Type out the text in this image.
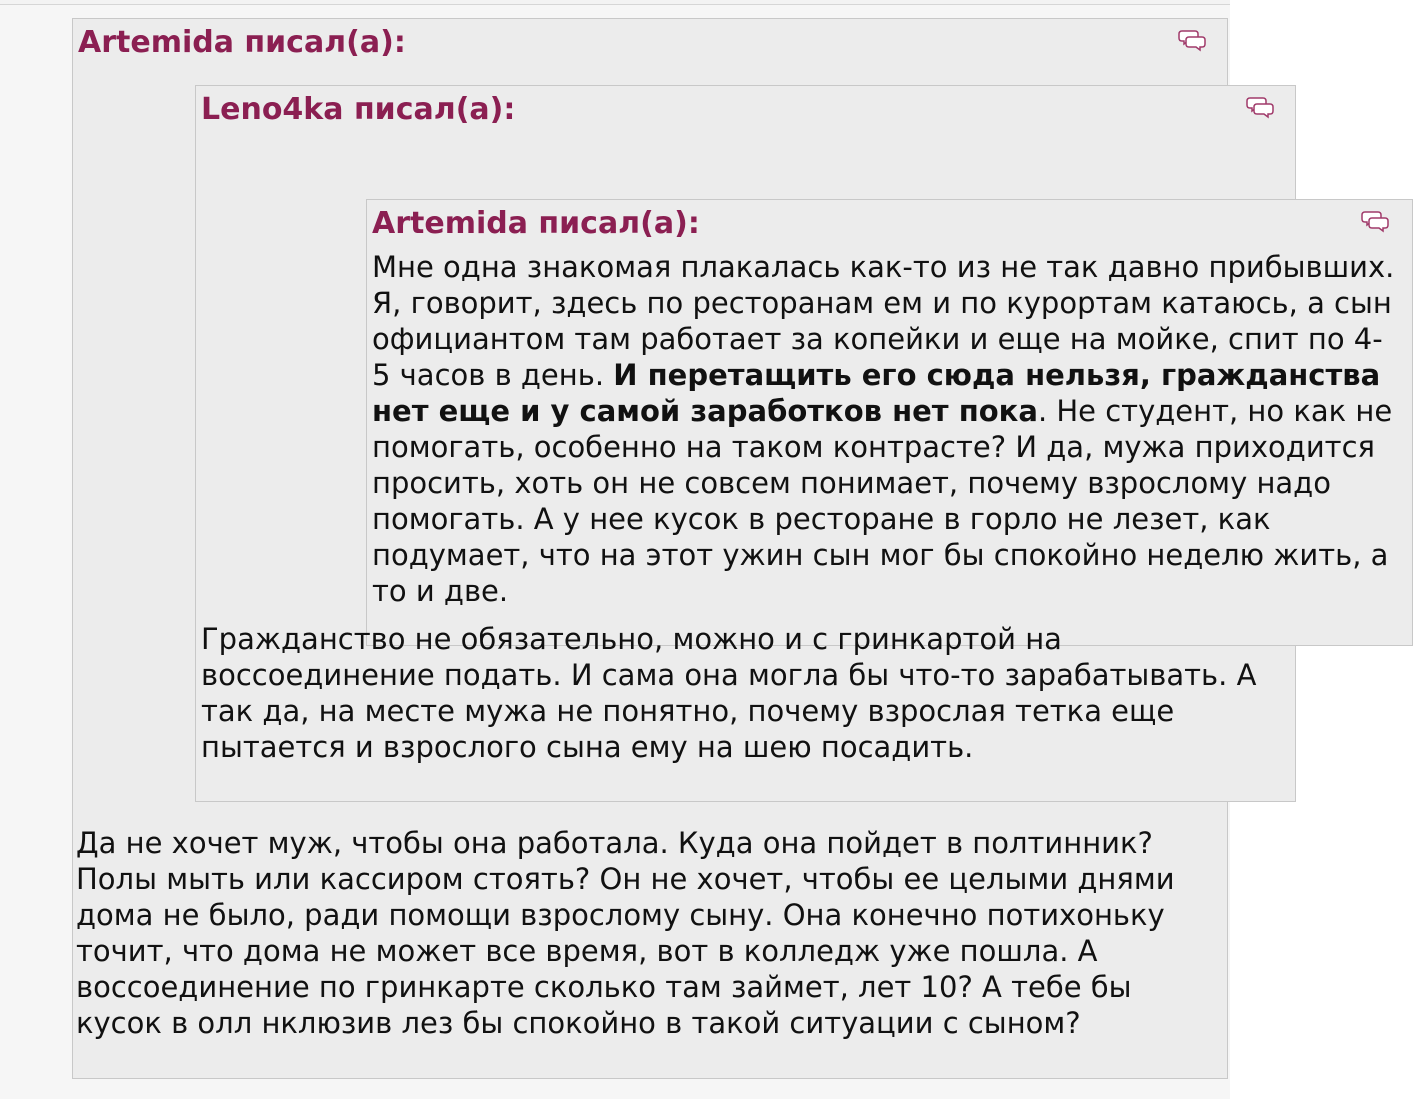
Artemida писал(а):
Leno4ka писал(а):
Artemida писал(а):

Мне одна знакомая плакалась как-то из не так давно прибывших. Я, говорит, здесь по ресторанам ем и по курортам катаюсь, а сын официантом там работает за копейки и еще на мойке, спит по 4-5 часов в день. И перетащить его сюда нельзя, гражданства нет еще и у самой заработков нет пока. Не студент, но как не помогать, особенно на таком контрасте? И да, мужа приходится просить, хоть он не совсем понимает, почему взрослому надо помогать. А у нее кусок в ресторане в горло не лезет, как подумает, что на этот ужин сын мог бы спокойно неделю жить, а то и две.

Гражданство не обязательно, можно и с гринкартой на воссоединение подать. И сама она могла бы что-то зарабатывать. А так да, на месте мужа не понятно, почему взрослая тетка еще пытается и взрослого сына ему на шею посадить.

Да не хочет муж, чтобы она работала. Куда она пойдет в полтинник? Полы мыть или кассиром стоять? Он не хочет, чтобы ее целыми днями дома не было, ради помощи взрослому сыну. Она конечно потихоньку точит, что дома не может все время, вот в колледж уже пошла. А воссоединение по гринкарте сколько там займет, лет 10? А тебе бы кусок в олл нклюзив лез бы спокойно в такой ситуации с сыном?
